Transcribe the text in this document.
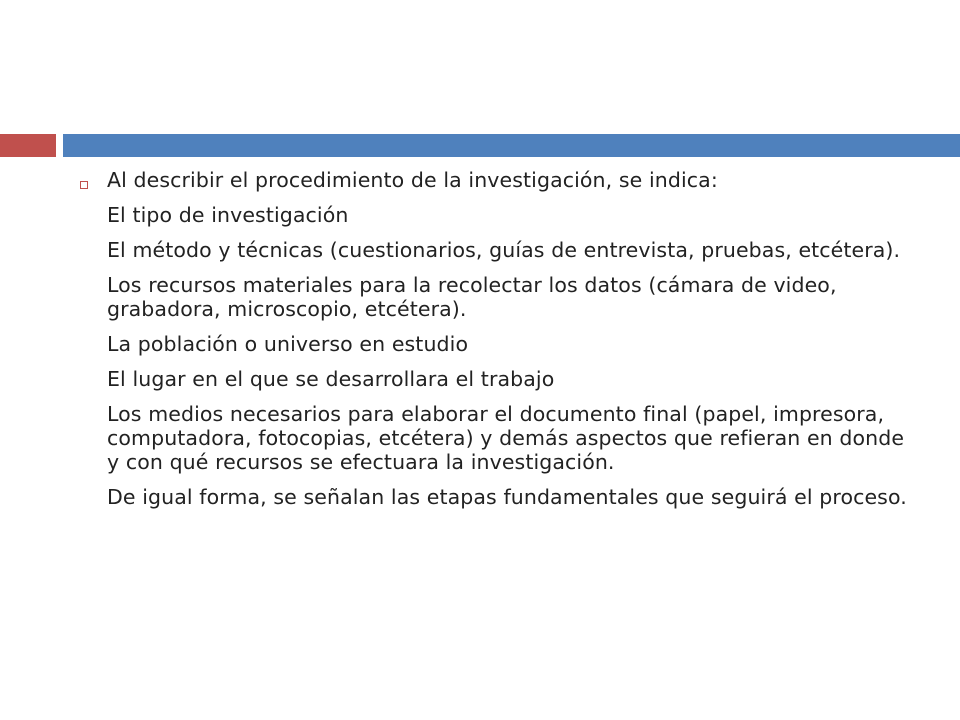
Al describir el procedimiento de la investigación, se indica:

El tipo de investigación

El método y técnicas (cuestionarios, guías de entrevista, pruebas, etcétera).

Los recursos materiales para la recolectar los datos (cámara de video, grabadora, microscopio, etcétera).

La población o universo en estudio

El lugar en el que se desarrollara el trabajo

Los medios necesarios para elaborar el documento final (papel, impresora, computadora, fotocopias, etcétera) y demás aspectos que refieran en donde y con qué recursos se efectuara la investigación.

De igual forma, se señalan las etapas fundamentales que seguirá el proceso.
